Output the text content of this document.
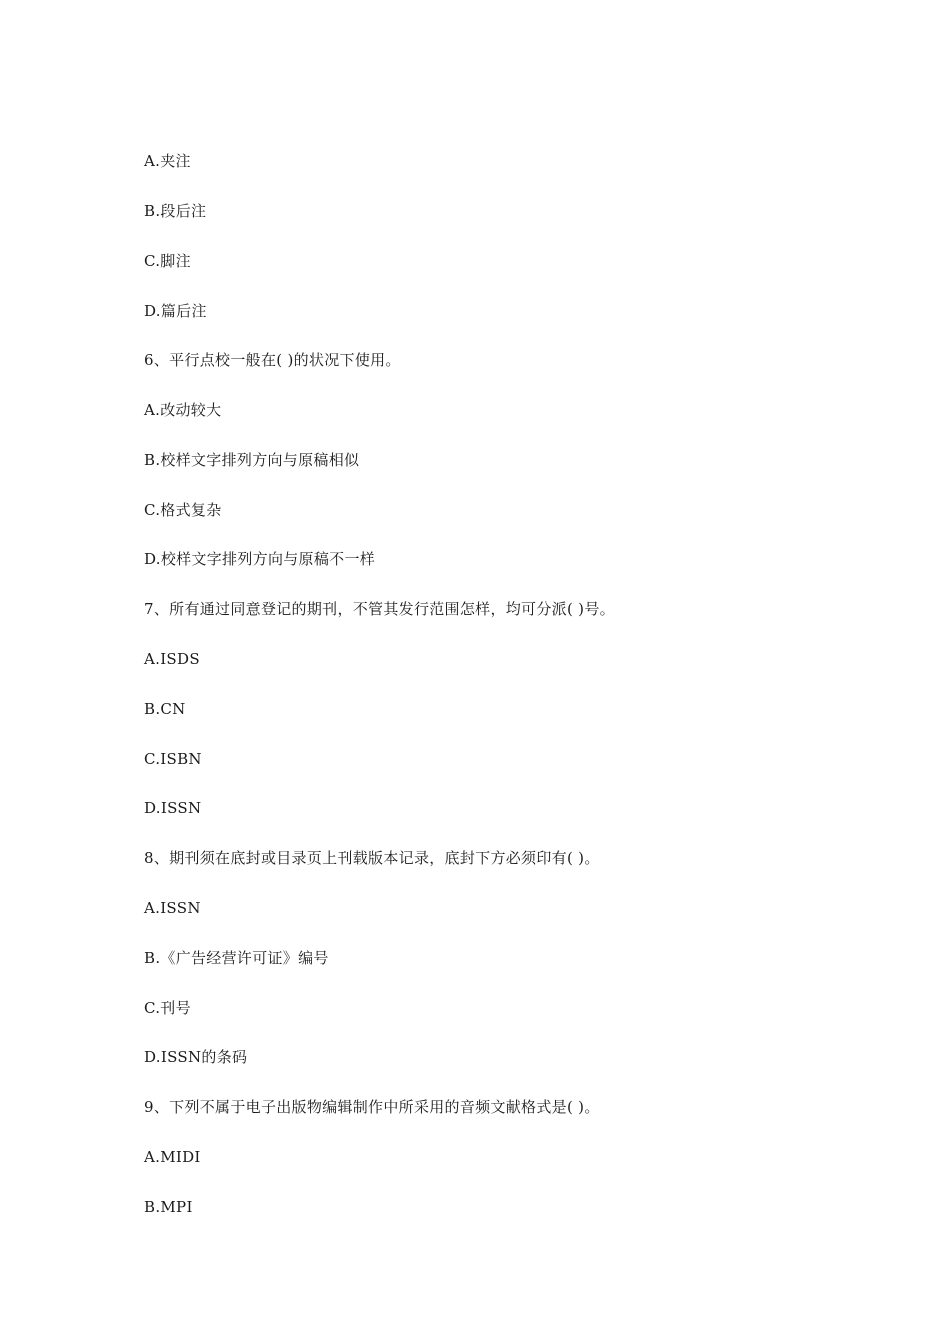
A.夹注
B.段后注
C.脚注
D.篇后注
6、平行点校一般在( )的状况下使用。
A.改动较大
B.校样文字排列方向与原稿相似
C.格式复杂
D.校样文字排列方向与原稿不一样
7、所有通过同意登记的期刊，不管其发行范围怎样，均可分派( )号。
A.ISDS
B.CN
C.ISBN
D.ISSN
8、期刊须在底封或目录页上刊载版本记录，底封下方必须印有( )。
A.ISSN
B.《广告经营许可证》编号
C.刊号
D.ISSN的条码
9、下列不属于电子出版物编辑制作中所采用的音频文献格式是( )。
A.MIDI
B.MPI
